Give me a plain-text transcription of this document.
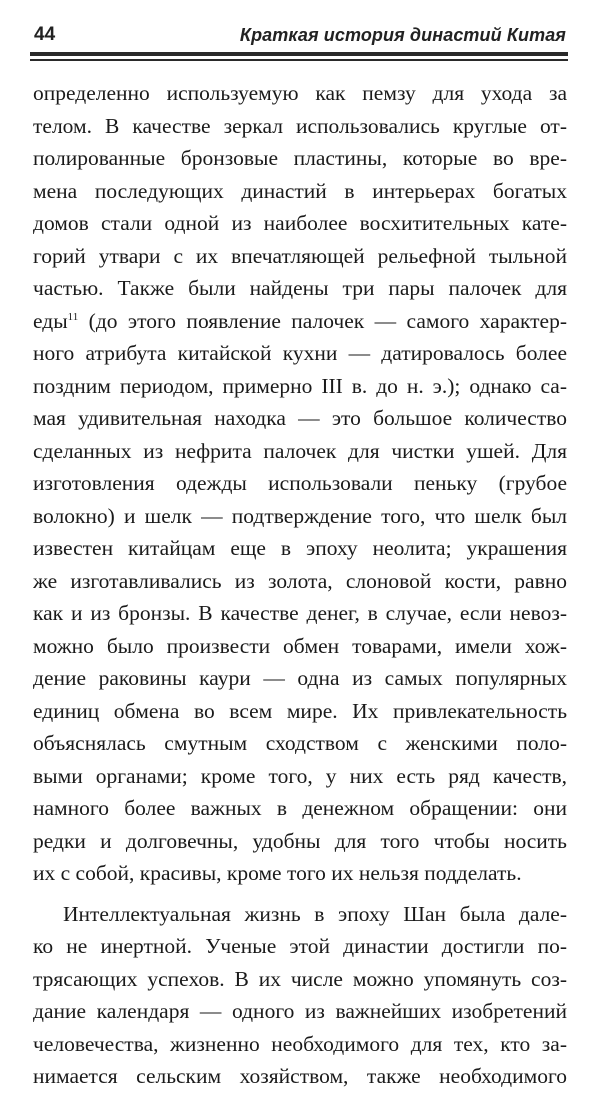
44	Краткая история династий Китая
определенно используемую как пемзу для ухода за
телом. В качестве зеркал использовались круглые от-
полированные бронзовые пластины, которые во вре-
мена последующих династий в интерьерах богатых
домов стали одной из наиболее восхитительных кате-
горий утвари с их впечатляющей рельефной тыльной
частью. Также были найдены три пары палочек для
еды$^{11}$ (до этого появление палочек — самого характер-
ного атрибута китайской кухни — датировалось более
поздним периодом, примерно III в. до н. э.); однако са-
мая удивительная находка — это большое количество
сделанных из нефрита палочек для чистки ушей. Для
изготовления одежды использовали пеньку (грубое
волокно) и шелк — подтверждение того, что шелк был
известен китайцам еще в эпоху неолита; украшения
же изготавливались из золота, слоновой кости, равно
как и из бронзы. В качестве денег, в случае, если невоз-
можно было произвести обмен товарами, имели хож-
дение раковины каури — одна из самых популярных
единиц обмена во всем мире. Их привлекательность
объяснялась смутным сходством с женскими поло-
выми органами; кроме того, у них есть ряд качеств,
намного более важных в денежном обращении: они
редки и долговечны, удобны для того чтобы носить
их с собой, красивы, кроме того их нельзя подделать.
Интеллектуальная жизнь в эпоху Шан была дале-
ко не инертной. Ученые этой династии достигли по-
трясающих успехов. В их числе можно упомянуть соз-
дание календаря — одного из важнейших изобретений
человечества, жизненно необходимого для тех, кто за-
нимается сельским хозяйством, также необходимого
